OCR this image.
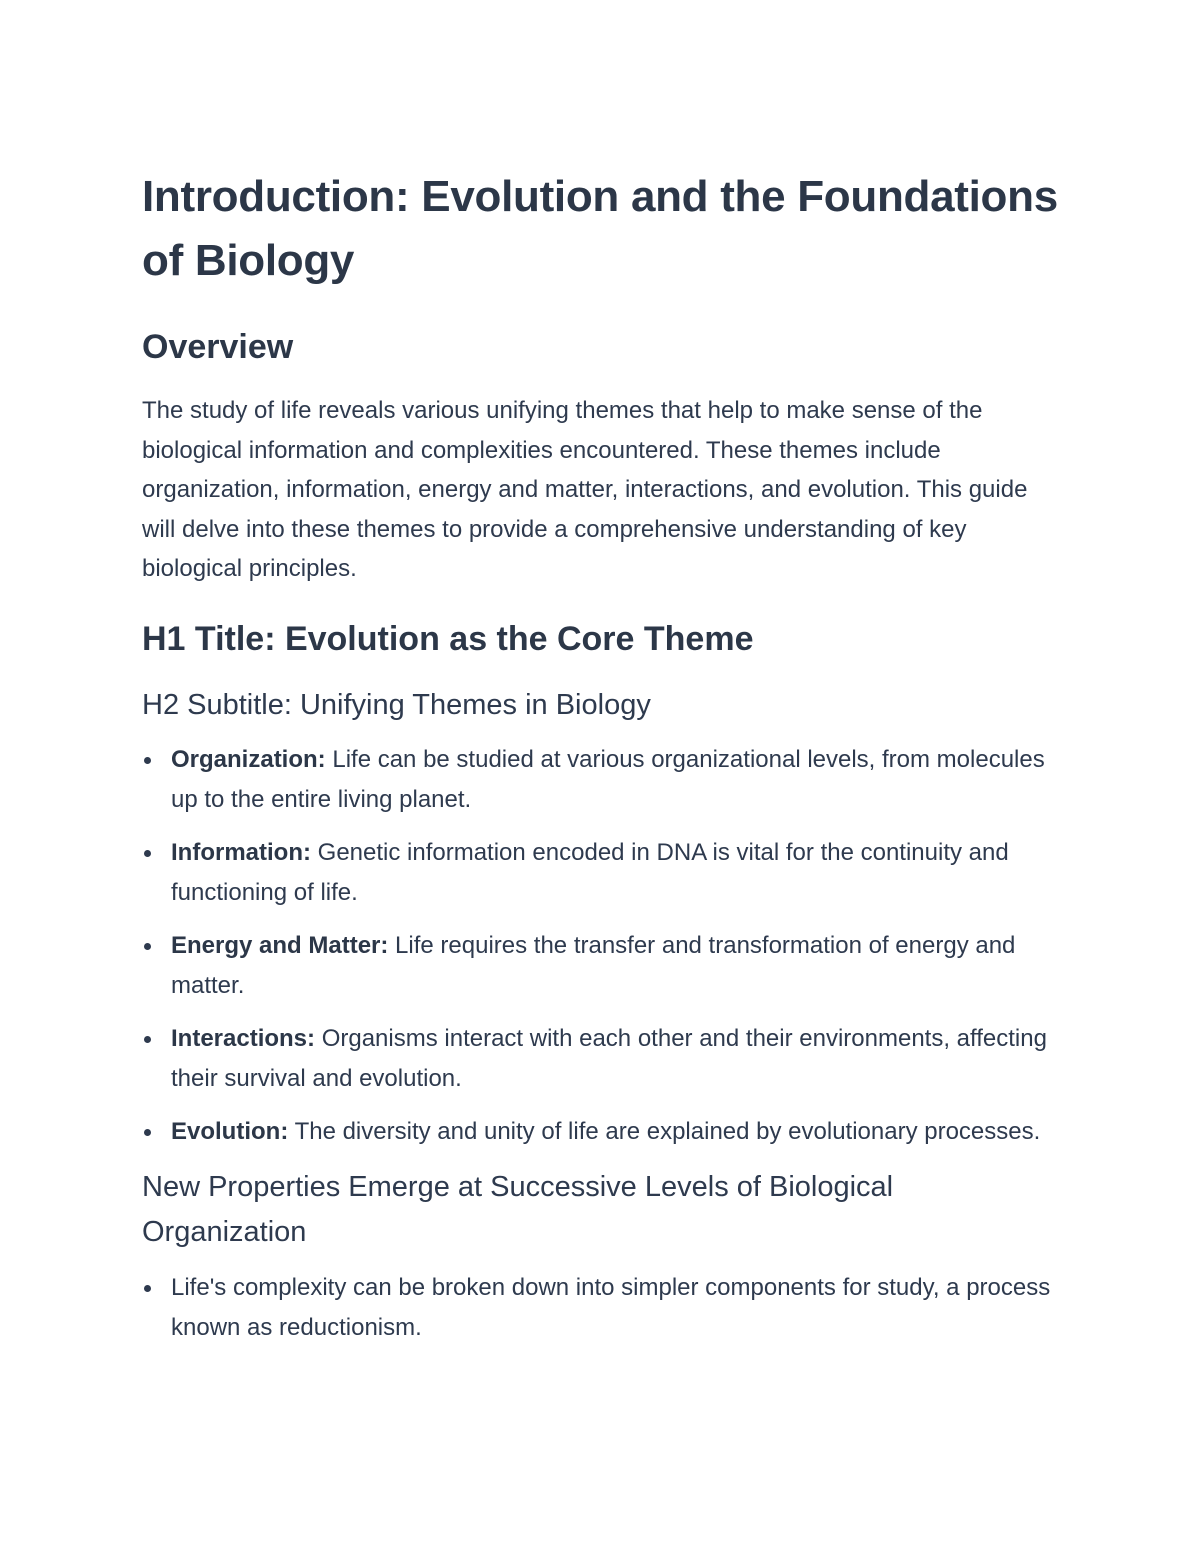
Introduction: Evolution and the Foundations of Biology
Overview

The study of life reveals various unifying themes that help to make sense of the biological information and complexities encountered. These themes include organization, information, energy and matter, interactions, and evolution. This guide will delve into these themes to provide a comprehensive understanding of key biological principles.

H1 Title: Evolution as the Core Theme
H2 Subtitle: Unifying Themes in Biology
Organization: Life can be studied at various organizational levels, from molecules up to the entire living planet.
Information: Genetic information encoded in DNA is vital for the continuity and functioning of life.
Energy and Matter: Life requires the transfer and transformation of energy and matter.
Interactions: Organisms interact with each other and their environments, affecting their survival and evolution.
Evolution: The diversity and unity of life are explained by evolutionary processes.
New Properties Emerge at Successive Levels of Biological Organization
Life's complexity can be broken down into simpler components for study, a process known as reductionism.
